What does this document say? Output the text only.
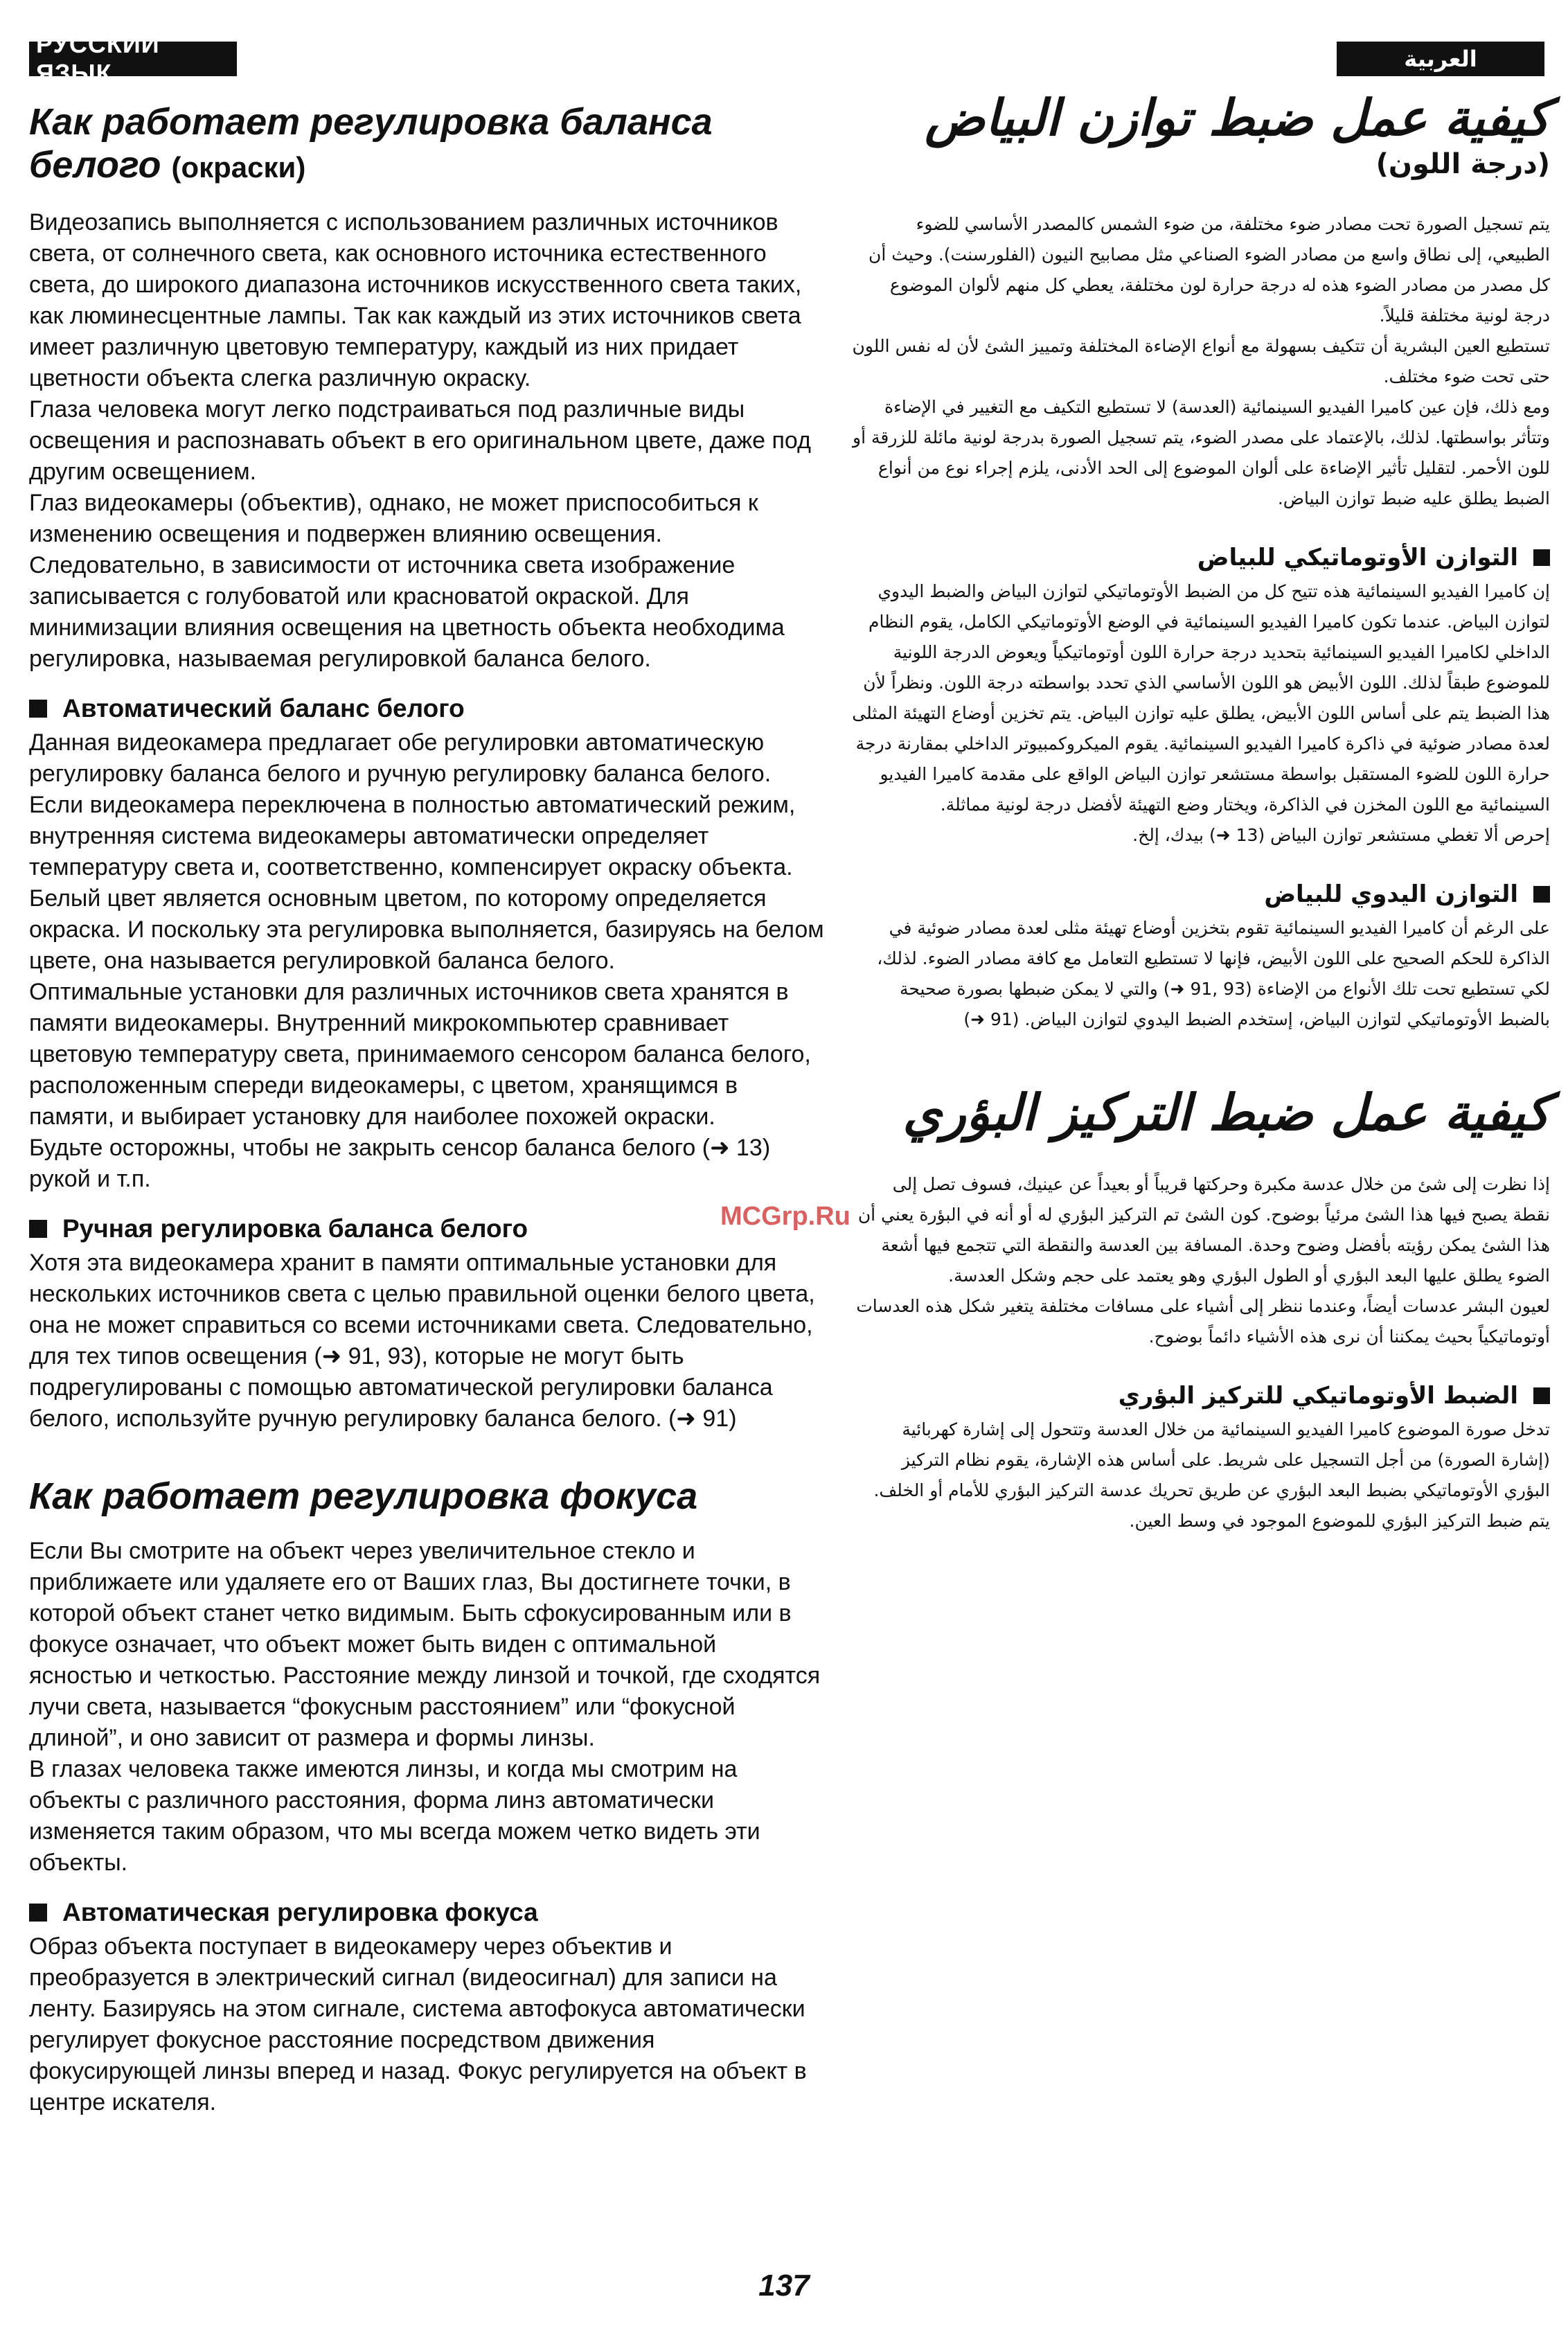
РУССКИЙ ЯЗЫК	العربية
Как работает регулировка баланса белого (окраски)

Видеозапись выполняется с использованием различных источников света, от солнечного света, как основного источника естественного света, до широкого диапазона источников искусственного света таких, как люминесцентные лампы. Так как каждый из этих источников света имеет различную цветовую температуру, каждый из них придает цветности объекта слегка различную окраску.
Глаза человека могут легко подстраиваться под различные виды освещения и распознавать объект в его оригинальном цвете, даже под другим освещением.
Глаз видеокамеры (объектив), однако, не может приспособиться к изменению освещения и подвержен влиянию освещения. Следовательно, в зависимости от источника света изображение записывается с голубоватой или красноватой окраской. Для минимизации влияния освещения на цветность объекта необходима регулировка, называемая регулировкой баланса белого.

Автоматический баланс белого

Данная видеокамера предлагает обе регулировки автоматическую регулировку баланса белого и ручную регулировку баланса белого. Если видеокамера переключена в полностью автоматический режим, внутренняя система видеокамеры автоматически определяет температуру света и, соответственно, компенсирует окраску объекта. Белый цвет является основным цветом, по которому определяется окраска. И поскольку эта регулировка выполняется, базируясь на белом цвете, она называется регулировкой баланса белого.
Оптимальные установки для различных источников света хранятся в памяти видеокамеры. Внутренний микрокомпьютер сравнивает цветовую температуру света, принимаемого сенсором баланса белого, расположенным спереди видеокамеры, с цветом, хранящимся в памяти, и выбирает установку для наиболее похожей окраски.
Будьте осторожны, чтобы не закрыть сенсор баланса белого (➜ 13) рукой и т.п.

Ручная регулировка баланса белого

Хотя эта видеокамера хранит в памяти оптимальные установки для нескольких источников света с целью правильной оценки белого цвета, она не может справиться со всеми источниками света. Следовательно, для тех типов освещения (➜ 91, 93), которые не могут быть подрегулированы с помощью автоматической регулировки баланса белого, используйте ручную регулировку баланса белого. (➜ 91)

Как работает регулировка фокуса

Если Вы смотрите на объект через увеличительное стекло и приближаете или удаляете его от Ваших глаз, Вы достигнете точки, в которой объект станет четко видимым. Быть сфокусированным или в фокусе означает, что объект может быть виден с оптимальной ясностью и четкостью. Расстояние между линзой и точкой, где сходятся лучи света, называется “фокусным расстоянием” или “фокусной длиной”, и оно зависит от размера и формы линзы.
В глазах человека также имеются линзы, и когда мы смотрим на объекты с различного расстояния, форма линз автоматически изменяется таким образом, что мы всегда можем четко видеть эти объекты.

Автоматическая регулировка фокуса

Образ объекта поступает в видеокамеру через объектив и преобразуется в электрический сигнал (видеосигнал) для записи на ленту. Базируясь на этом сигнале, система автофокуса автоматически регулирует фокусное расстояние посредством движения фокусирующей линзы вперед и назад. Фокус регулируется на объект в центре искателя.

كيفية عمل ضبط توازن البياض
(درجة اللون)

يتم تسجيل الصورة تحت مصادر ضوء مختلفة، من ضوء الشمس كالمصدر الأساسي للضوء الطبيعي، إلى نطاق واسع من مصادر الضوء الصناعي مثل مصابيح النيون (الفلورسنت). وحيث أن كل مصدر من مصادر الضوء هذه له درجة حرارة لون مختلفة، يعطي كل منهم لألوان الموضوع درجة لونية مختلفة قليلاً.
تستطيع العين البشرية أن تتكيف بسهولة مع أنواع الإضاءة المختلفة وتمييز الشئ لأن له نفس اللون حتى تحت ضوء مختلف.
ومع ذلك، فإن عين كاميرا الفيديو السينمائية (العدسة) لا تستطيع التكيف مع التغيير في الإضاءة وتتأثر بواسطتها. لذلك، بالإعتماد على مصدر الضوء، يتم تسجيل الصورة بدرجة لونية مائلة للزرقة أو للون الأحمر. لتقليل تأثير الإضاءة على ألوان الموضوع إلى الحد الأدنى، يلزم إجراء نوع من أنواع الضبط يطلق عليه ضبط توازن البياض.

التوازن الأوتوماتيكي للبياض

إن كاميرا الفيديو السينمائية هذه تتيح كل من الضبط الأوتوماتيكي لتوازن البياض والضبط اليدوي لتوازن البياض. عندما تكون كاميرا الفيديو السينمائية في الوضع الأوتوماتيكي الكامل، يقوم النظام الداخلي لكاميرا الفيديو السينمائية بتحديد درجة حرارة اللون أوتوماتيكياً ويعوض الدرجة اللونية للموضوع طبقاً لذلك. اللون الأبيض هو اللون الأساسي الذي تحدد بواسطته درجة اللون. ونظراً لأن هذا الضبط يتم على أساس اللون الأبيض، يطلق عليه توازن البياض. يتم تخزين أوضاع التهيئة المثلى لعدة مصادر ضوئية في ذاكرة كاميرا الفيديو السينمائية. يقوم الميكروكمبيوتر الداخلي بمقارنة درجة حرارة اللون للضوء المستقبل بواسطة مستشعر توازن البياض الواقع على مقدمة كاميرا الفيديو السينمائية مع اللون المخزن في الذاكرة، ويختار وضع التهيئة لأفضل درجة لونية مماثلة.
إحرص ألا تغطي مستشعر توازن البياض (13 ➜) بيدك، إلخ.

التوازن اليدوي للبياض

على الرغم أن كاميرا الفيديو السينمائية تقوم بتخزين أوضاع تهيئة مثلى لعدة مصادر ضوئية في الذاكرة للحكم الصحيح على اللون الأبيض، فإنها لا تستطيع التعامل مع كافة مصادر الضوء. لذلك، لكي تستطيع تحت تلك الأنواع من الإضاءة (93 ,91 ➜) والتي لا يمكن ضبطها بصورة صحيحة بالضبط الأوتوماتيكي لتوازن البياض، إستخدم الضبط اليدوي لتوازن البياض. (91 ➜)

كيفية عمل ضبط التركيز البؤري

إذا نظرت إلى شئ من خلال عدسة مكبرة وحركتها قريباً أو بعيداً عن عينيك، فسوف تصل إلى نقطة يصبح فيها هذا الشئ مرئياً بوضوح. كون الشئ تم التركيز البؤري له أو أنه في البؤرة يعني أن هذا الشئ يمكن رؤيته بأفضل وضوح وحدة. المسافة بين العدسة والنقطة التي تتجمع فيها أشعة الضوء يطلق عليها البعد البؤري أو الطول البؤري وهو يعتمد على حجم وشكل العدسة.
لعيون البشر عدسات أيضاً، وعندما ننظر إلى أشياء على مسافات مختلفة يتغير شكل هذه العدسات أوتوماتيكياً بحيث يمكننا أن نرى هذه الأشياء دائماً بوضوح.

الضبط الأوتوماتيكي للتركيز البؤري

تدخل صورة الموضوع كاميرا الفيديو السينمائية من خلال العدسة وتتحول إلى إشارة كهربائية (إشارة الصورة) من أجل التسجيل على شريط. على أساس هذه الإشارة، يقوم نظام التركيز البؤري الأوتوماتيكي بضبط البعد البؤري عن طريق تحريك عدسة التركيز البؤري للأمام أو الخلف.
يتم ضبط التركيز البؤري للموضوع الموجود في وسط العين.

MCGrp.Ru
137
